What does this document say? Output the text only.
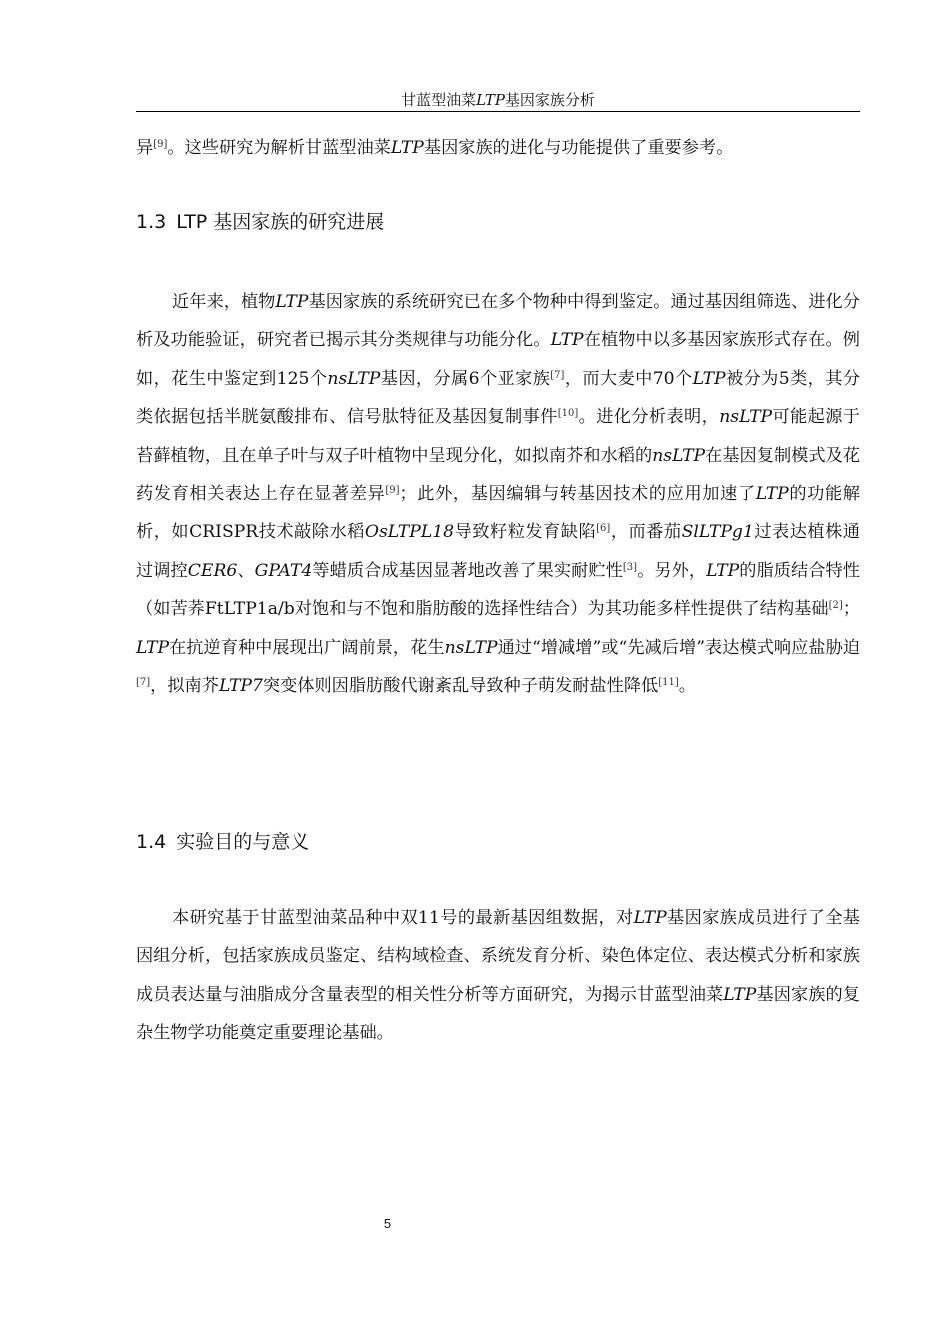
甘蓝型油菜LTP基因家族分析

异[9]。这些研究为解析甘蓝型油菜LTP基因家族的进化与功能提供了重要参考。

1.3 LTP 基因家族的研究进展

近年来，植物LTP基因家族的系统研究已在多个物种中得到鉴定。通过基因组筛选、进化分析及功能验证，研究者已揭示其分类规律与功能分化。LTP在植物中以多基因家族形式存在。例如，花生中鉴定到125个nsLTP基因，分属6个亚家族[7]，而大麦中70个LTP被分为5类，其分类依据包括半胱氨酸排布、信号肽特征及基因复制事件[10]。进化分析表明，nsLTP可能起源于苔藓植物，且在单子叶与双子叶植物中呈现分化，如拟南芥和水稻的nsLTP在基因复制模式及花药发育相关表达上存在显著差异[9]；此外，基因编辑与转基因技术的应用加速了LTP的功能解析，如CRISPR技术敲除水稻OsLTPL18导致籽粒发育缺陷[6]，而番茄SlLTPg1过表达植株通过调控CER6、GPAT4等蜡质合成基因显著地改善了果实耐贮性[3]。另外，LTP的脂质结合特性（如苦荞FtLTP1a/b对饱和与不饱和脂肪酸的选择性结合）为其功能多样性提供了结构基础[2]；LTP在抗逆育种中展现出广阔前景，花生nsLTP通过“增减增”或“先减后增”表达模式响应盐胁迫[7]，拟南芥LTP7突变体则因脂肪酸代谢紊乱导致种子萌发耐盐性降低[11]。

1.4 实验目的与意义

本研究基于甘蓝型油菜品种中双11号的最新基因组数据，对LTP基因家族成员进行了全基因组分析，包括家族成员鉴定、结构域检查、系统发育分析、染色体定位、表达模式分析和家族成员表达量与油脂成分含量表型的相关性分析等方面研究，为揭示甘蓝型油菜LTP基因家族的复杂生物学功能奠定重要理论基础。

5
